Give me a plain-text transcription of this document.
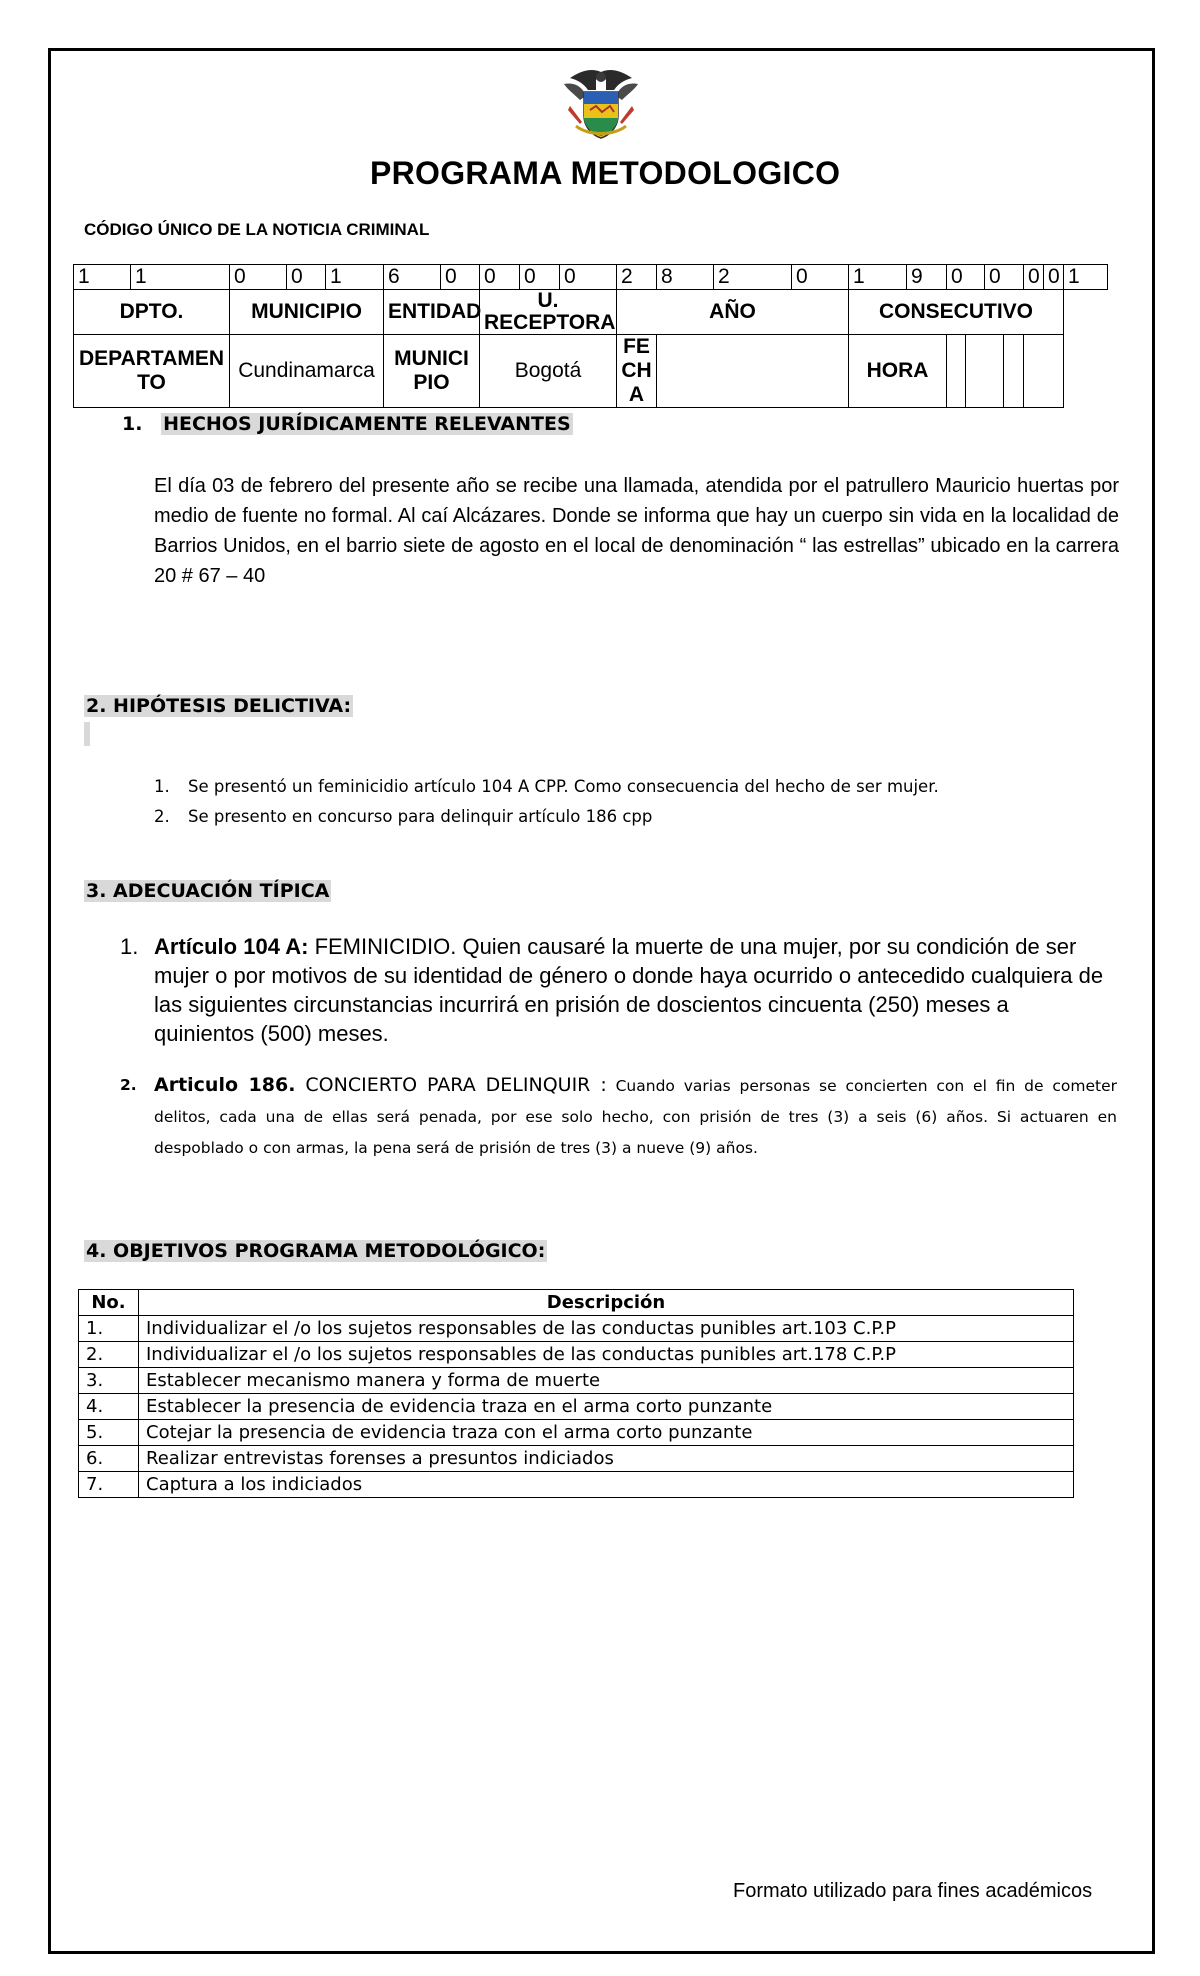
PROGRAMA METODOLOGICO
CÓDIGO ÚNICO DE LA NOTICIA CRIMINAL
1	1	0	0	1	6	0	0	0	0	2	8	2	0	1	9	0		0		0	0	1
DPTO.		MUNICIPIO			ENTIDAD		U. RECEPTORA			AÑO				CONSECUTIVO								
DEPARTAMENTO		Cundinamarca			MUNICIPIO		Bogotá			FECHA				HORA								
1. HECHOS JURÍDICAMENTE RELEVANTES
El día 03 de febrero del presente año se recibe una llamada, atendida por el patrullero Mauricio huertas por medio de fuente no formal. Al caí Alcázares. Donde se informa que hay un cuerpo sin vida en la localidad de Barrios Unidos, en el barrio siete de agosto en el local de denominación “ las estrellas” ubicado en la carrera 20 # 67 – 40
2. HIPÓTESIS DELICTIVA:
1. Se presentó un feminicidio artículo 104 A CPP. Como consecuencia del hecho de ser mujer.
2. Se presento en concurso para delinquir artículo 186 cpp
3. ADECUACIÓN TÍPICA
1. Artículo 104 A: FEMINICIDIO. Quien causaré la muerte de una mujer, por su condición de ser mujer o por motivos de su identidad de género o donde haya ocurrido o antecedido cualquiera de las siguientes circunstancias incurrirá en prisión de doscientos cincuenta (250) meses a quinientos (500) meses.
2. Articulo 186. CONCIERTO PARA DELINQUIR : Cuando varias personas se concierten con el fin de cometer delitos, cada una de ellas será penada, por ese solo hecho, con prisión de tres (3) a seis (6) años. Si actuaren en despoblado o con armas, la pena será de prisión de tres (3) a nueve (9) años.
4. OBJETIVOS PROGRAMA METODOLÓGICO:
No.	Descripción
1.	Individualizar el /o los sujetos responsables de las conductas punibles art.103 C.P.P
2.	Individualizar el /o los sujetos responsables de las conductas punibles art.178 C.P.P
3.	Establecer mecanismo manera y forma de muerte
4.	Establecer la presencia de evidencia traza en el arma corto punzante
5.	Cotejar la presencia de evidencia traza con el arma corto punzante
6.	Realizar entrevistas forenses a presuntos indiciados
7.	Captura a los indiciados
Formato utilizado para fines académicos
